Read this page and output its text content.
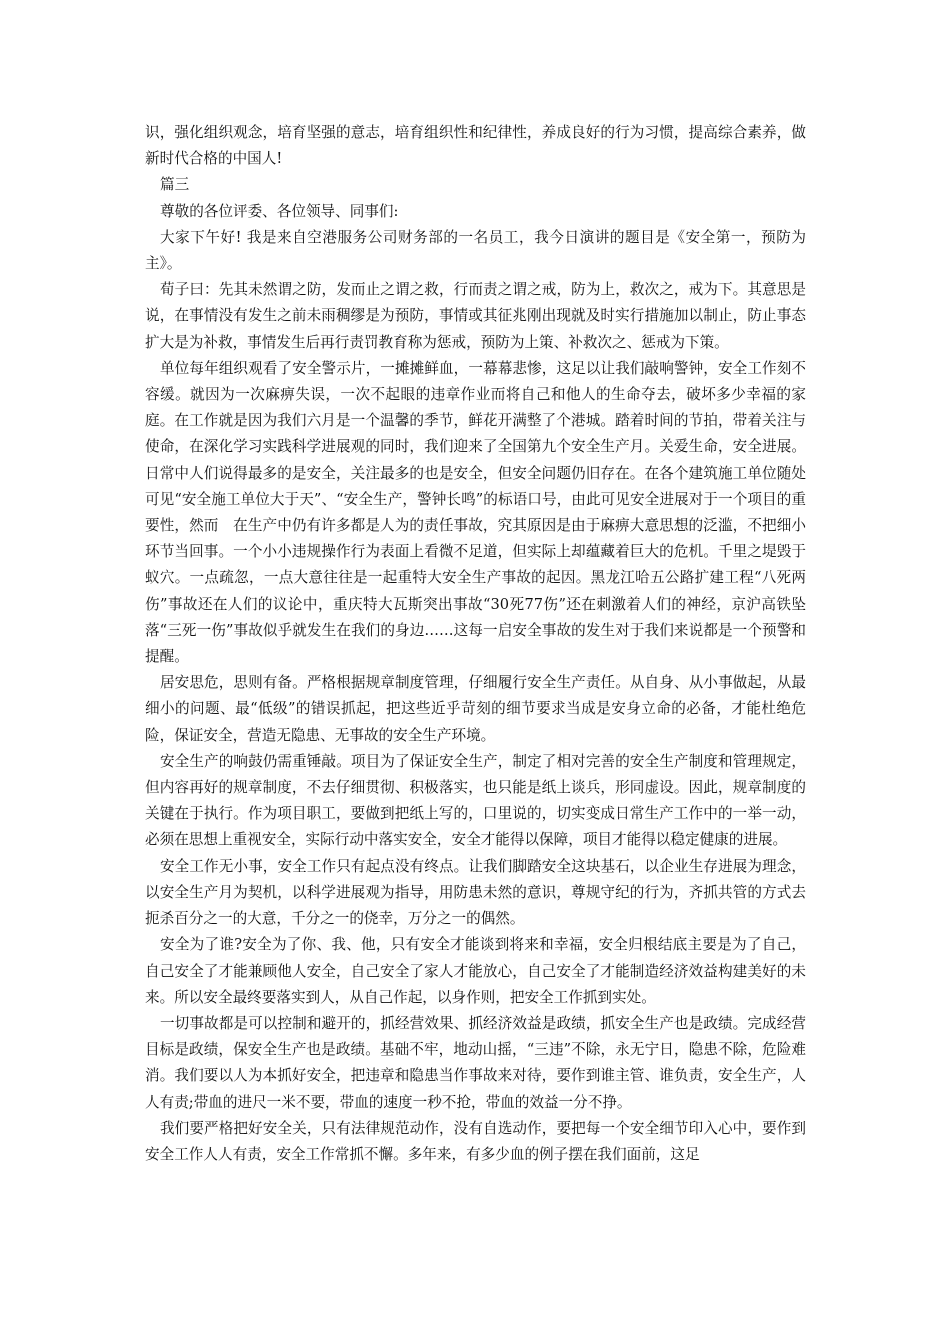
识，强化组织观念，培育坚强的意志，培育组织性和纪律性，养成良好的行为习惯，提高综合素养，做新时代合格的中国人!

篇三

尊敬的各位评委、各位领导、同事们:

大家下午好! 我是来自空港服务公司财务部的一名员工，我今日演讲的题目是《安全第一，预防为主》。

荀子曰：先其未然谓之防，发而止之谓之救，行而责之谓之戒，防为上，救次之，戒为下。其意思是说，在事情没有发生之前未雨稠缪是为预防，事情或其征兆刚出现就及时实行措施加以制止，防止事态扩大是为补救，事情发生后再行责罚教育称为惩戒，预防为上策、补救次之、惩戒为下策。

单位每年组织观看了安全警示片，一摊摊鲜血，一幕幕悲惨，这足以让我们敲响警钟，安全工作刻不容缓。就因为一次麻痹失误，一次不起眼的违章作业而将自己和他人的生命夺去，破坏多少幸福的家庭。在工作就是因为我们六月是一个温馨的季节，鲜花开满整了个港城。踏着时间的节拍，带着关注与使命，在深化学习实践科学进展观的同时，我们迎来了全国第九个安全生产月。关爱生命，安全进展。日常中人们说得最多的是安全，关注最多的也是安全，但安全问题仍旧存在。在各个建筑施工单位随处可见“安全施工单位大于天”、“安全生产，警钟长鸣”的标语口号，由此可见安全进展对于一个项目的重要性，然而　在生产中仍有许多都是人为的责任事故，究其原因是由于麻痹大意思想的泛滥，不把细小环节当回事。一个小小违规操作行为表面上看微不足道，但实际上却蕴藏着巨大的危机。千里之堤毁于蚁穴。一点疏忽，一点大意往往是一起重特大安全生产事故的起因。黑龙江哈五公路扩建工程“八死两伤”事故还在人们的议论中，重庆特大瓦斯突出事故“30死77伤”还在刺激着人们的神经，京沪高铁坠落“三死一伤”事故似乎就发生在我们的身边……这每一启安全事故的发生对于我们来说都是一个预警和提醒。

居安思危，思则有备。严格根据规章制度管理，仔细履行安全生产责任。从自身、从小事做起，从最细小的问题、最“低级”的错误抓起，把这些近乎苛刻的细节要求当成是安身立命的必备，才能杜绝危险，保证安全，营造无隐患、无事故的安全生产环境。

安全生产的响鼓仍需重锤敲。项目为了保证安全生产，制定了相对完善的安全生产制度和管理规定，但内容再好的规章制度，不去仔细贯彻、积极落实，也只能是纸上谈兵，形同虚设。因此，规章制度的关键在于执行。作为项目职工，要做到把纸上写的，口里说的，切实变成日常生产工作中的一举一动，必须在思想上重视安全，实际行动中落实安全，安全才能得以保障，项目才能得以稳定健康的进展。

安全工作无小事，安全工作只有起点没有终点。让我们脚踏安全这块基石，以企业生存进展为理念，以安全生产月为契机，以科学进展观为指导，用防患未然的意识，尊规守纪的行为，齐抓共管的方式去扼杀百分之一的大意，千分之一的侥幸，万分之一的偶然。

安全为了谁?安全为了你、我、他，只有安全才能谈到将来和幸福，安全归根结底主要是为了自己，自己安全了才能兼顾他人安全，自己安全了家人才能放心，自己安全了才能制造经济效益构建美好的未来。所以安全最终要落实到人，从自己作起，以身作则，把安全工作抓到实处。

一切事故都是可以控制和避开的，抓经营效果、抓经济效益是政绩，抓安全生产也是政绩。完成经营目标是政绩，保安全生产也是政绩。基础不牢，地动山摇，“三违”不除，永无宁日，隐患不除，危险难消。我们要以人为本抓好安全，把违章和隐患当作事故来对待，要作到谁主管、谁负责，安全生产，人人有责;带血的进尺一米不要，带血的速度一秒不抢，带血的效益一分不挣。

我们要严格把好安全关，只有法律规范动作，没有自选动作，要把每一个安全细节印入心中，要作到安全工作人人有责，安全工作常抓不懈。多年来，有多少血的例子摆在我们面前，这足
